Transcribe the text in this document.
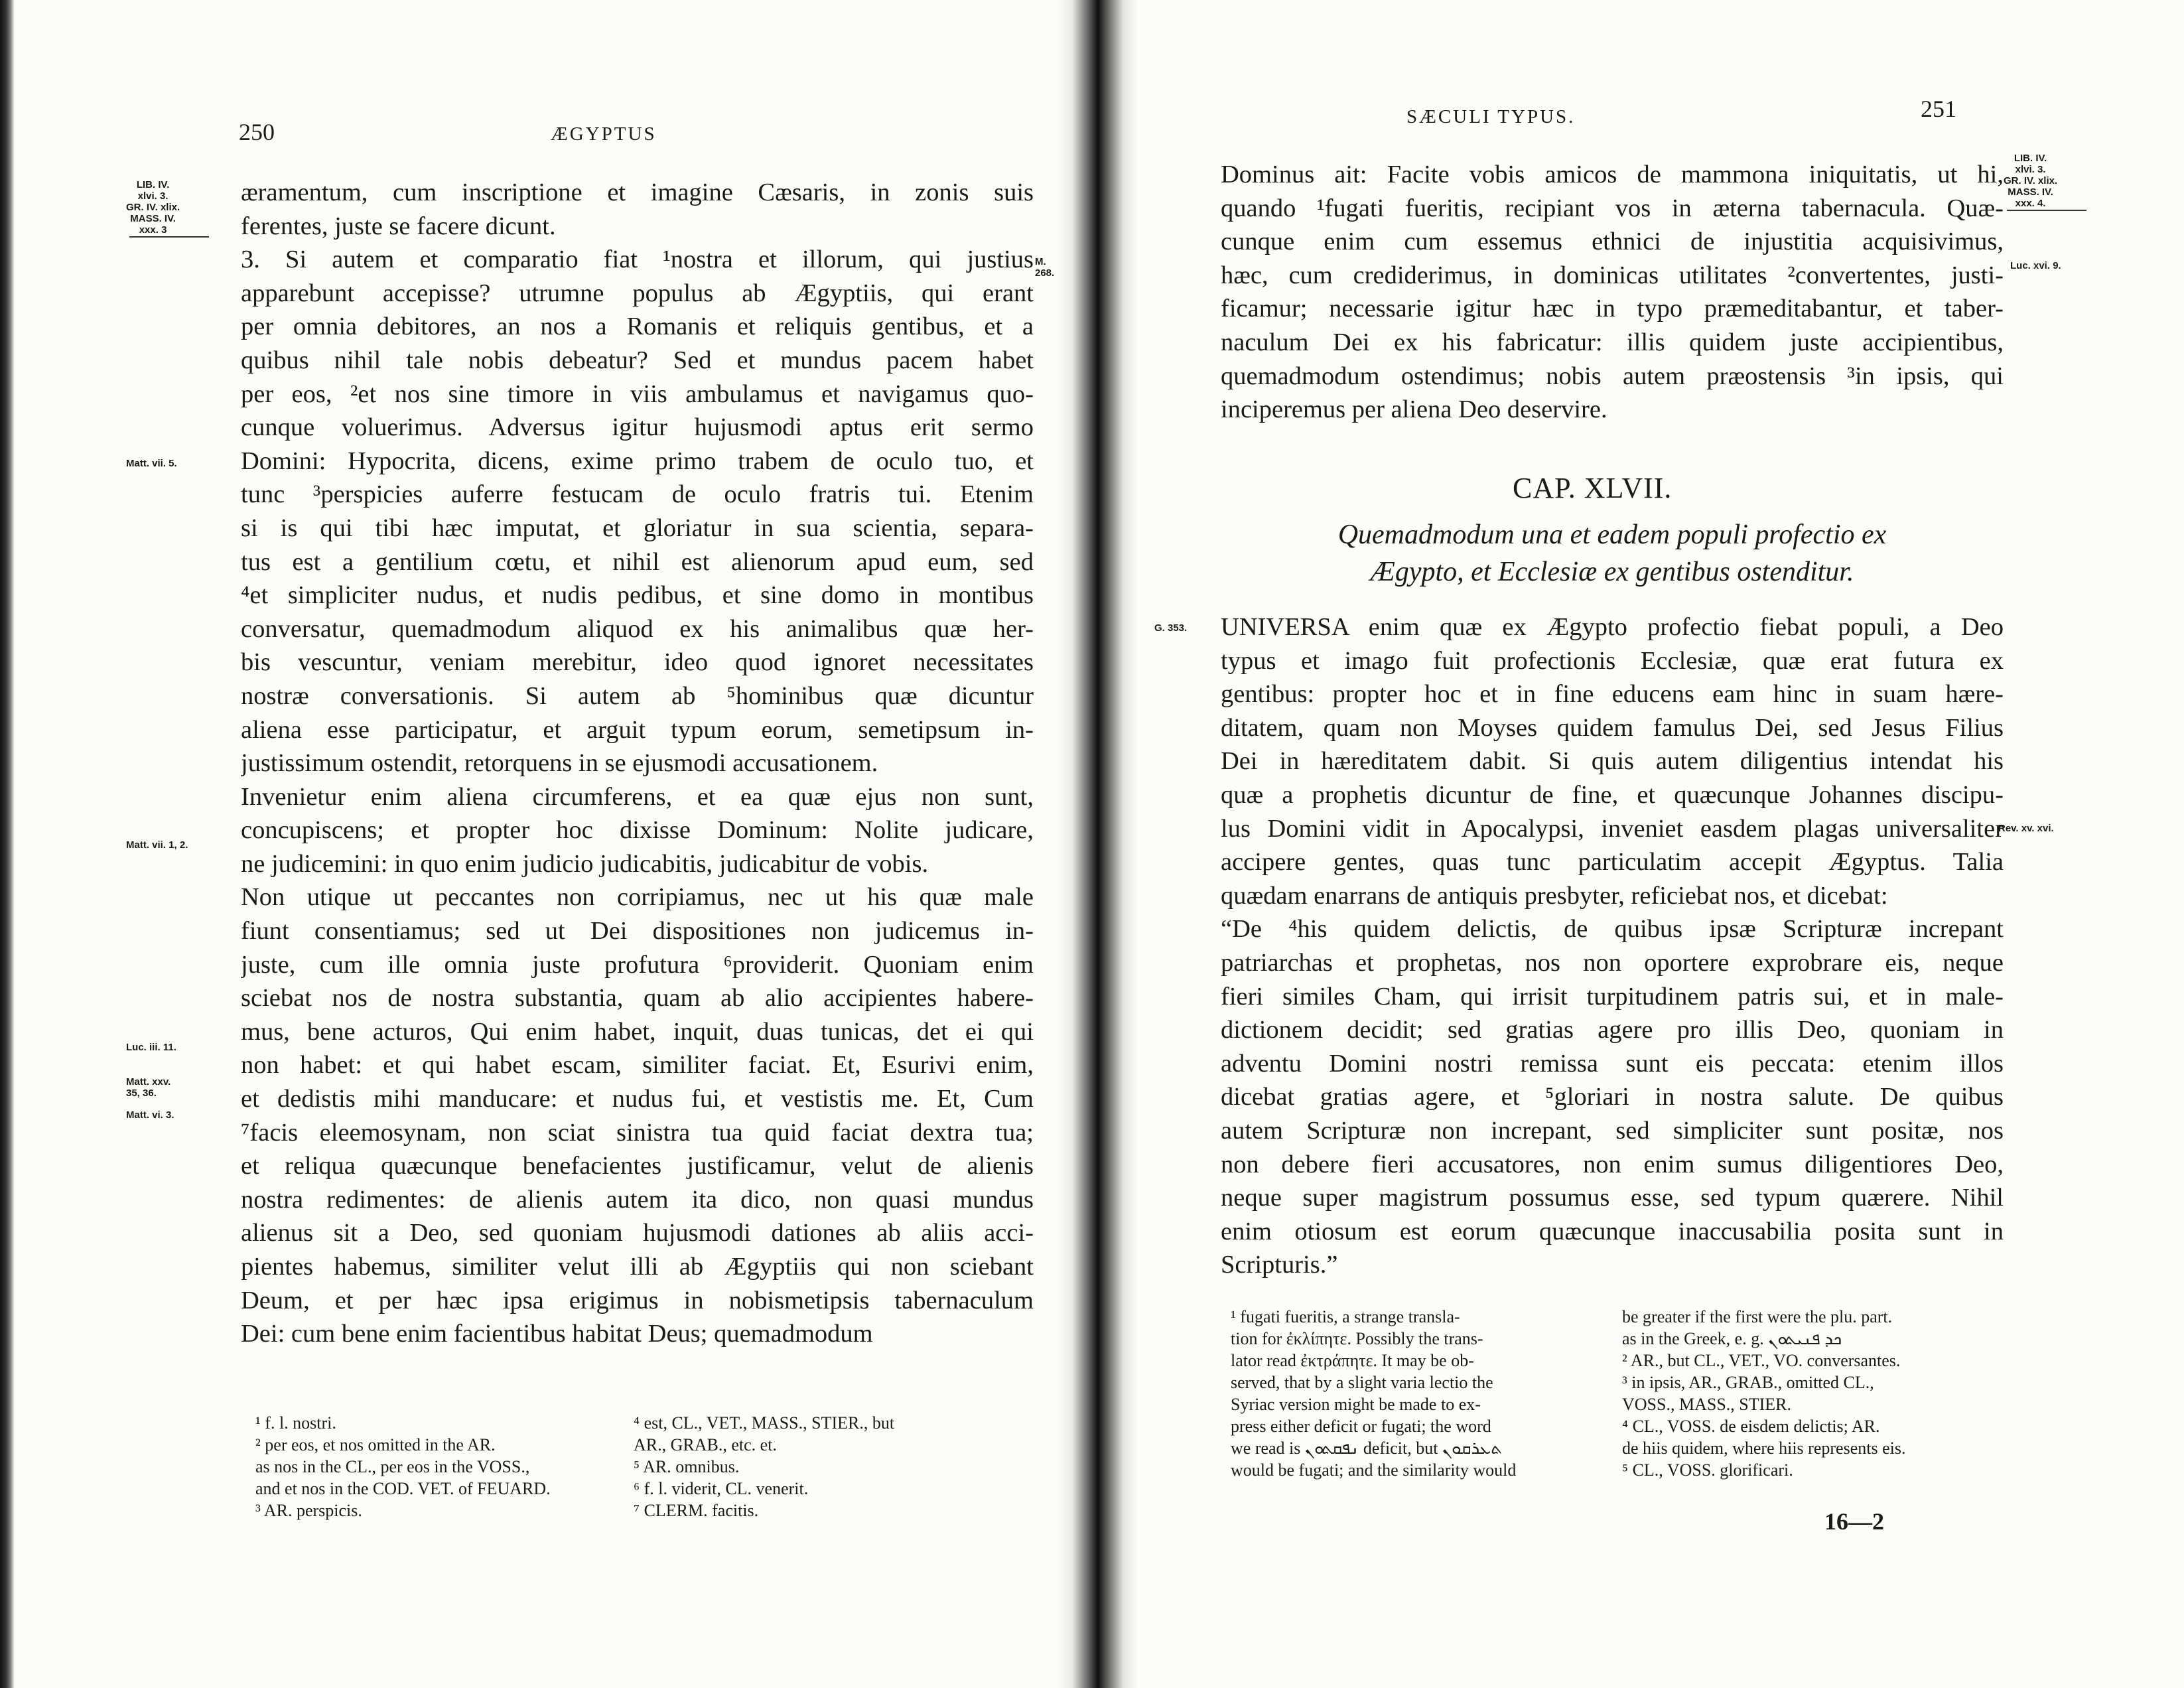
250	ÆGYPTUS
LIB. IV.
xlvi. 3.
GR. IV. xlix.
MASS. IV.
xxx. 3
M. 268.
Matt. vii. 5.
Matt. vii. 1, 2.
Luc. iii. 11.
Matt. xxv.
35, 36.
Matt. vi. 3.
æramentum, cum inscriptione et imagine Cæsaris, in zonis suis
ferentes, juste se facere dicunt.
3. Si autem et comparatio fiat ¹nostra et illorum, qui justius
apparebunt accepisse? utrumne populus ab Ægyptiis, qui erant
per omnia debitores, an nos a Romanis et reliquis gentibus, et a
quibus nihil tale nobis debeatur? Sed et mundus pacem habet
per eos, ²et nos sine timore in viis ambulamus et navigamus quo-
cunque voluerimus. Adversus igitur hujusmodi aptus erit sermo
Domini: Hypocrita, dicens, exime primo trabem de oculo tuo, et
tunc ³perspicies auferre festucam de oculo fratris tui. Etenim
si is qui tibi hæc imputat, et gloriatur in sua scientia, separa-
tus est a gentilium cœtu, et nihil est alienorum apud eum, sed
⁴et simpliciter nudus, et nudis pedibus, et sine domo in montibus
conversatur, quemadmodum aliquod ex his animalibus quæ her-
bis vescuntur, veniam merebitur, ideo quod ignoret necessitates
nostræ conversationis. Si autem ab ⁵hominibus quæ dicuntur
aliena esse participatur, et arguit typum eorum, semetipsum in-
justissimum ostendit, retorquens in se ejusmodi accusationem.
Invenietur enim aliena circumferens, et ea quæ ejus non sunt,
concupiscens; et propter hoc dixisse Dominum: Nolite judicare,
ne judicemini: in quo enim judicio judicabitis, judicabitur de vobis.
Non utique ut peccantes non corripiamus, nec ut his quæ male
fiunt consentiamus; sed ut Dei dispositiones non judicemus in-
juste, cum ille omnia juste profutura ⁶providerit. Quoniam enim
sciebat nos de nostra substantia, quam ab alio accipientes habere-
mus, bene acturos, Qui enim habet, inquit, duas tunicas, det ei qui
non habet: et qui habet escam, similiter faciat. Et, Esurivi enim,
et dedistis mihi manducare: et nudus fui, et vestistis me. Et, Cum
⁷facis eleemosynam, non sciat sinistra tua quid faciat dextra tua;
et reliqua quæcunque benefacientes justificamur, velut de alienis
nostra redimentes: de alienis autem ita dico, non quasi mundus
alienus sit a Deo, sed quoniam hujusmodi dationes ab aliis acci-
pientes habemus, similiter velut illi ab Ægyptiis qui non sciebant
Deum, et per hæc ipsa erigimus in nobismetipsis tabernaculum
Dei: cum bene enim facientibus habitat Deus; quemadmodum
¹ f. l. nostri.
² per eos, et nos omitted in the AR.
as nos in the CL., per eos in the VOSS.,
and et nos in the COD. VET. of FEUARD.
³ AR. perspicis.
⁴ est, CL., VET., MASS., STIER., but
AR., GRAB., etc. et.
⁵ AR. omnibus.
⁶ f. l. viderit, CL. venerit.
⁷ CLERM. facitis.
SÆCULI TYPUS.	251
LIB. IV.
xlvi. 3.
GR. IV. xlix.
MASS. IV.
xxx. 4.
Luc. xvi. 9.
G. 353.
Rev. xv. xvi.
Dominus ait: Facite vobis amicos de mammona iniquitatis, ut hi,
quando ¹fugati fueritis, recipiant vos in æterna tabernacula. Quæ-
cunque enim cum essemus ethnici de injustitia acquisivimus,
hæc, cum crediderimus, in dominicas utilitates ²convertentes, justi-
ficamur; necessarie igitur hæc in typo præmeditabantur, et taber-
naculum Dei ex his fabricatur: illis quidem juste accipientibus,
quemadmodum ostendimus; nobis autem præostensis ³in ipsis, qui
inciperemus per aliena Deo deservire.
CAP. XLVII.
Quemadmodum una et eadem populi profectio ex
Ægypto, et Ecclesiæ ex gentibus ostenditur.
UNIVERSA enim quæ ex Ægypto profectio fiebat populi, a Deo
typus et imago fuit profectionis Ecclesiæ, quæ erat futura ex
gentibus: propter hoc et in fine educens eam hinc in suam hære-
ditatem, quam non Moyses quidem famulus Dei, sed Jesus Filius
Dei in hæreditatem dabit. Si quis autem diligentius intendat his
quæ a prophetis dicuntur de fine, et quæcunque Johannes discipu-
lus Domini vidit in Apocalypsi, inveniet easdem plagas universaliter
accipere gentes, quas tunc particulatim accepit Ægyptus. Talia
quædam enarrans de antiquis presbyter, reficiebat nos, et dicebat:
“De ⁴his quidem delictis, de quibus ipsæ Scripturæ increpant
patriarchas et prophetas, nos non oportere exprobrare eis, neque
fieri similes Cham, qui irrisit turpitudinem patris sui, et in male-
dictionem decidit; sed gratias agere pro illis Deo, quoniam in
adventu Domini nostri remissa sunt eis peccata: etenim illos
dicebat gratias agere, et ⁵gloriari in nostra salute. De quibus
autem Scripturæ non increpant, sed simpliciter sunt positæ, nos
non debere fieri accusatores, non enim sumus diligentiores Deo,
neque super magistrum possumus esse, sed typum quærere. Nihil
enim otiosum est eorum quæcunque inaccusabilia posita sunt in
Scripturis.”
¹ fugati fueritis, a strange transla-
tion for ἐκλίπητε. Possibly the trans-
lator read ἐκτράπητε. It may be ob-
served, that by a slight varia lectio the
Syriac version might be made to ex-
press either deficit or fugati; the word
we read is ܢܦܩܬܘܢ deficit, but ܬܥܪܩܘܢ
would be fugati; and the similarity would
be greater if the first were the plu. part.
as in the Greek, e. g. ܟܕ ܦܢܝܬܘܢ
² AR., but CL., VET., VO. conversantes.
³ in ipsis, AR., GRAB., omitted CL.,
VOSS., MASS., STIER.
⁴ CL., VOSS. de eisdem delictis; AR.
de hiis quidem, where hiis represents eis.
⁵ CL., VOSS. glorificari.
16—2
